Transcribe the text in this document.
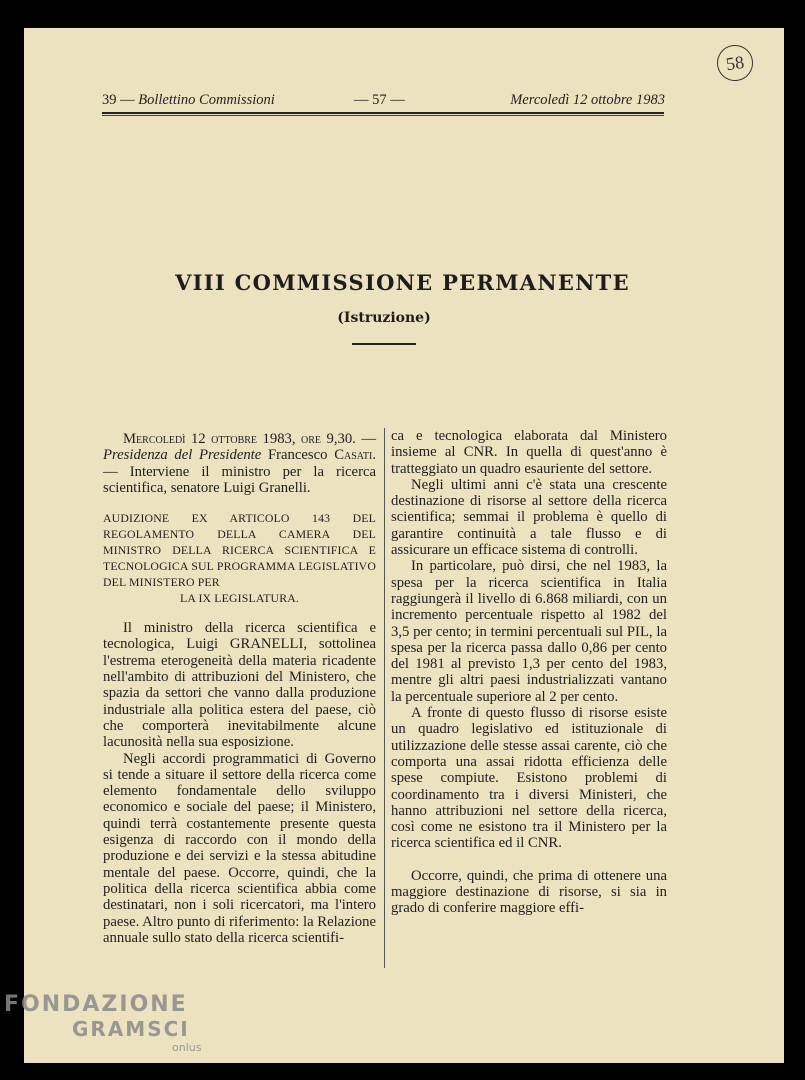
58
39 — Bollettino Commissioni	— 57 —	Mercoledì 12 ottobre 1983
VIII COMMISSIONE PERMANENTE
(Istruzione)

Mercoledì 12 ottobre 1983, ore 9,30. — Presidenza del Presidente Francesco Casati. — Interviene il ministro per la ricerca scientifica, senatore Luigi Granelli.

AUDIZIONE EX ARTICOLO 143 DEL REGOLAMENTO DELLA CAMERA DEL MINISTRO DELLA RICERCA SCIENTIFICA E TECNOLOGICA SUL PROGRAMMA LEGISLATIVO DEL MINISTERO PER
LA IX LEGISLATURA.

Il ministro della ricerca scientifica e tecnologica, Luigi GRANELLI, sottolinea l'estrema eterogeneità della materia ricadente nell'ambito di attribuzioni del Ministero, che spazia da settori che vanno dalla produzione industriale alla politica estera del paese, ciò che comporterà inevitabilmente alcune lacunosità nella sua esposizione.

Negli accordi programmatici di Governo si tende a situare il settore della ricerca come elemento fondamentale dello sviluppo economico e sociale del paese; il Ministero, quindi terrà costantemente presente questa esigenza di raccordo con il mondo della produzione e dei servizi e la stessa abitudine mentale del paese. Occorre, quindi, che la politica della ricerca scientifica abbia come destinatari, non i soli ricercatori, ma l'intero paese. Altro punto di riferimento: la Relazione annuale sullo stato della ricerca scientifi-

ca e tecnologica elaborata dal Ministero insieme al CNR. In quella di quest'anno è tratteggiato un quadro esauriente del settore.

Negli ultimi anni c'è stata una crescente destinazione di risorse al settore della ricerca scientifica; semmai il problema è quello di garantire continuità a tale flusso e di assicurare un efficace sistema di controlli.

In particolare, può dirsi, che nel 1983, la spesa per la ricerca scientifica in Italia raggiungerà il livello di 6.868 miliardi, con un incremento percentuale rispetto al 1982 del 3,5 per cento; in termini percentuali sul PIL, la spesa per la ricerca passa dallo 0,86 per cento del 1981 al previsto 1,3 per cento del 1983, mentre gli altri paesi industrializzati vantano la percentuale superiore al 2 per cento.

A fronte di questo flusso di risorse esiste un quadro legislativo ed istituzionale di utilizzazione delle stesse assai carente, ciò che comporta una assai ridotta efficienza delle spese compiute. Esistono problemi di coordinamento tra i diversi Ministeri, che hanno attribuzioni nel settore della ricerca, così come ne esistono tra il Ministero per la ricerca scientifica ed il CNR.

Occorre, quindi, che prima di ottenere una maggiore destinazione di risorse, si sia in grado di conferire maggiore effi-

FONDAZIONE
GRAMSCI
onlus
